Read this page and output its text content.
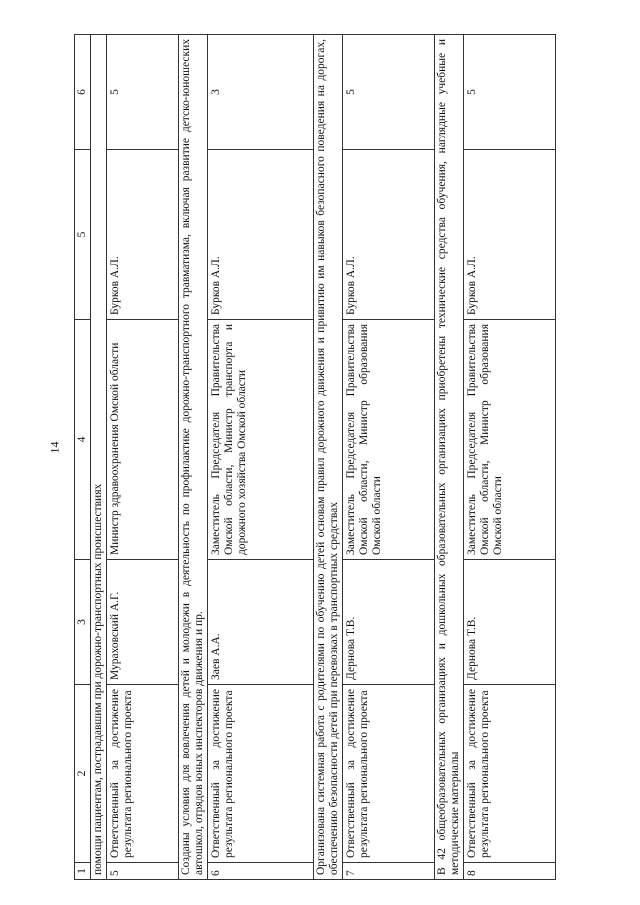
14
1	2	3	4	5	6
помощи пациентам, пострадавшим при дорожно-транспортных происшествиях					
5	Ответственный за достижение результата регионального проекта	Мураховский А.Г.	Министр здравоохранения Омской области	Бурков А.Л.	5
Созданы условия для вовлечения детей и молодежи в деятельность по профилактике дорожно-транспортного травматизма, включая развитие детско-юношеских автошкол, отрядов юных инспекторов движения и пр.					
6	Ответственный за достижение результата регионального проекта	Заев А.А.	Заместитель Председателя Правительства Омской области, Министр транспорта и дорожного хозяйства Омской области	Бурков А.Л.	3
Организована системная работа с родителями по обучению детей основам правил дорожного движения и привитию им навыков безопасного поведения на дорогах, обеспечению безопасности детей при перевозках в транспортных средствах					
7	Ответственный за достижение результата регионального проекта	Дернова Т.В.	Заместитель Председателя Правительства Омской области, Министр образования Омской области	Бурков А.Л.	5
В 42 общеобразовательных организациях и дошкольных образовательных организациях приобретены технические средства обучения, наглядные учебные и методические материалы					
8	Ответственный за достижение результата регионального проекта	Дернова Т.В.	Заместитель Председателя Правительства Омской области, Министр образования Омской области	Бурков А.Л.	5
